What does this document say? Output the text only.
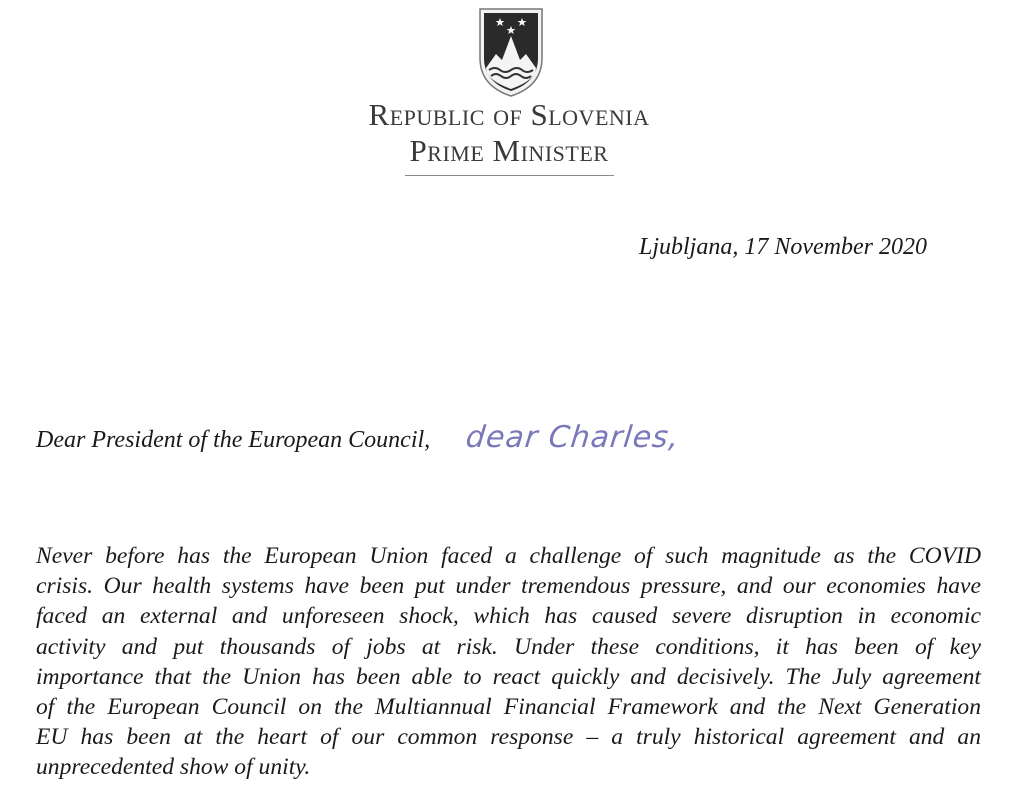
Republic of Slovenia
Prime Minister
Ljubljana, 17 November 2020
Dear President of the European Council, dear Charles,

Never before has the European Union faced a challenge of such magnitude as the COVID
crisis. Our health systems have been put under tremendous pressure, and our economies have
faced an external and unforeseen shock, which has caused severe disruption in economic
activity and put thousands of jobs at risk. Under these conditions, it has been of key
importance that the Union has been able to react quickly and decisively. The July agreement
of the European Council on the Multiannual Financial Framework and the Next Generation
EU has been at the heart of our common response – a truly historical agreement and an
unprecedented show of unity.
